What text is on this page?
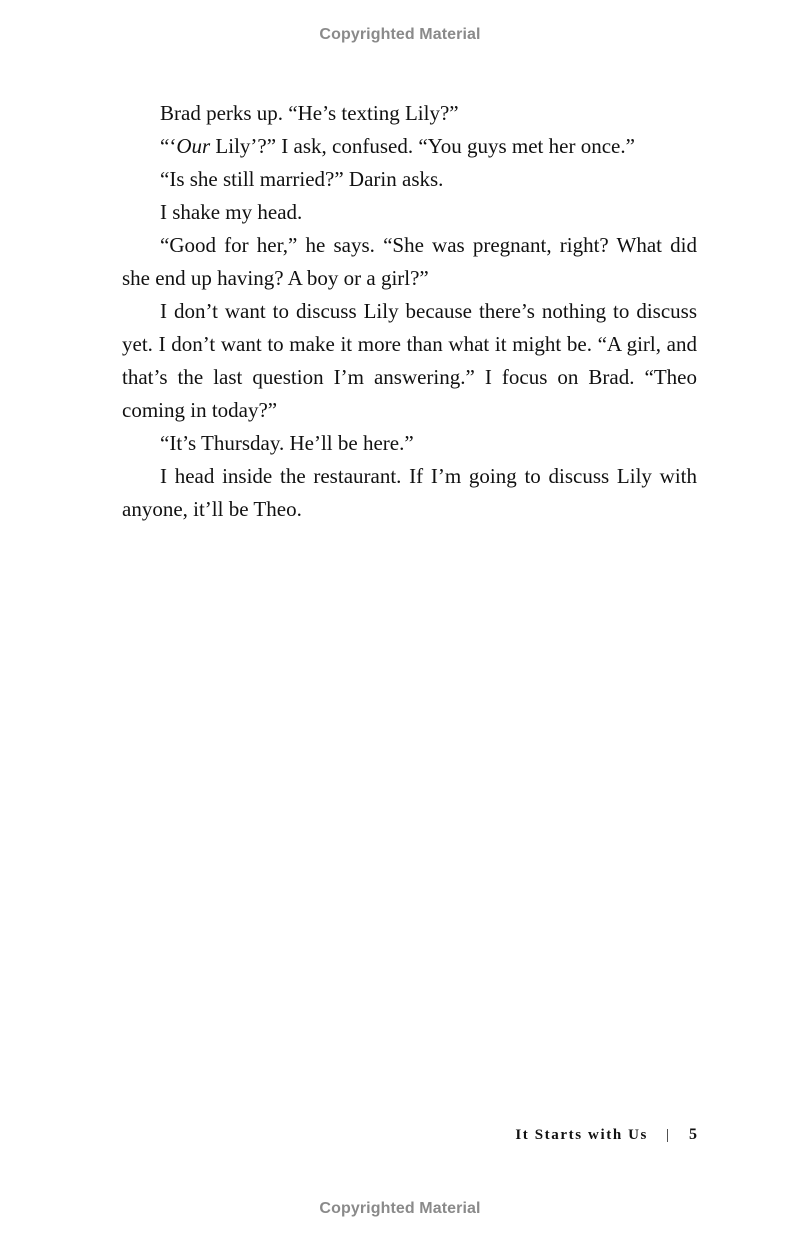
Copyrighted Material

Brad perks up. “He’s texting Lily?”

“‘Our Lily’?” I ask, confused. “You guys met her once.”

“Is she still married?” Darin asks.

I shake my head.

“Good for her,” he says. “She was pregnant, right? What did she end up having? A boy or a girl?”

I don’t want to discuss Lily because there’s nothing to discuss yet. I don’t want to make it more than what it might be. “A girl, and that’s the last question I’m answering.” I focus on Brad. “Theo coming in today?”

“It’s Thursday. He’ll be here.”

I head inside the restaurant. If I’m going to discuss Lily with anyone, it’ll be Theo.

It Starts with Us | 5
Copyrighted Material
